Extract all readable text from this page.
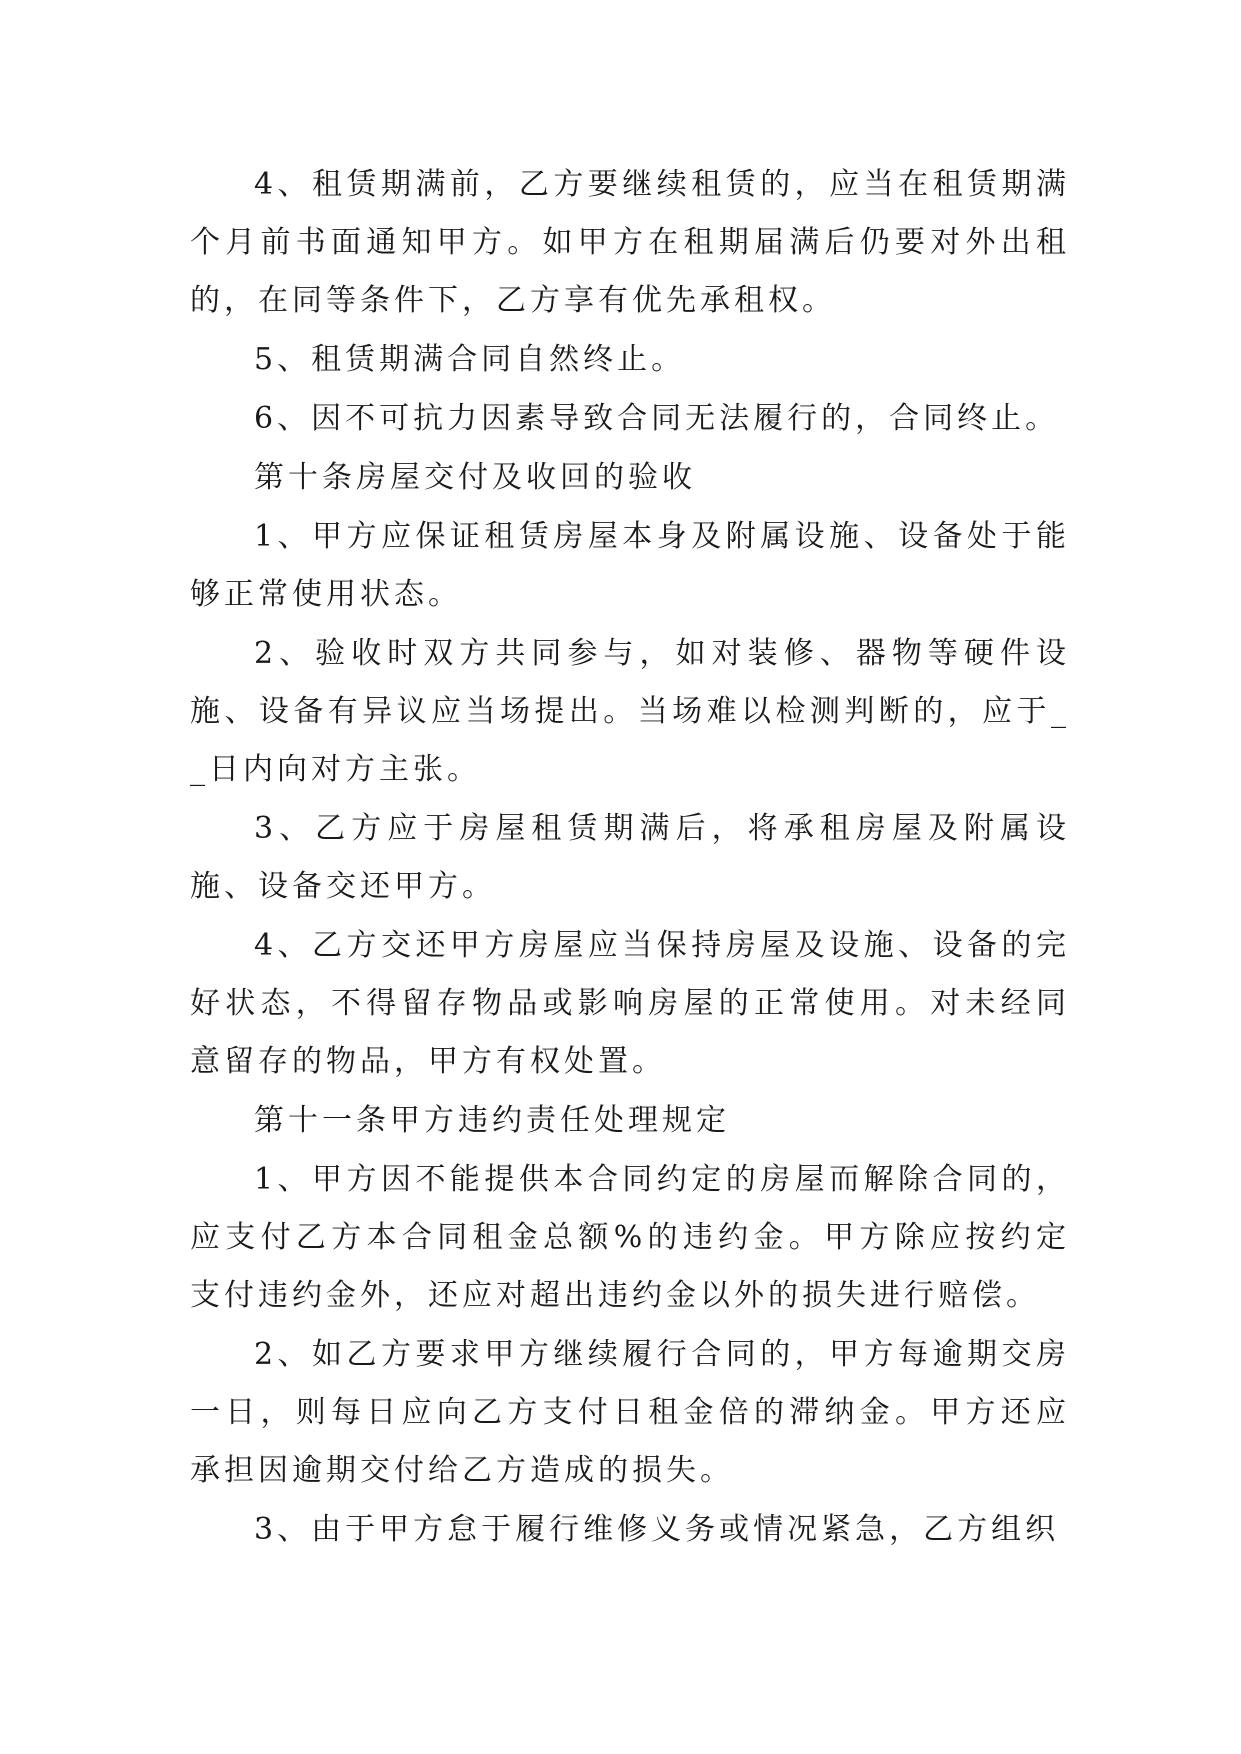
4、租赁期满前，乙方要继续租赁的，应当在租赁期满个月前书面通知甲方。如甲方在租期届满后仍要对外出租的，在同等条件下，乙方享有优先承租权。

5、租赁期满合同自然终止。

6、因不可抗力因素导致合同无法履行的，合同终止。

第十条房屋交付及收回的验收

1、甲方应保证租赁房屋本身及附属设施、设备处于能够正常使用状态。

2、验收时双方共同参与，如对装修、器物等硬件设施、设备有异议应当场提出。当场难以检测判断的，应于__日内向对方主张。

3、乙方应于房屋租赁期满后，将承租房屋及附属设施、设备交还甲方。

4、乙方交还甲方房屋应当保持房屋及设施、设备的完好状态，不得留存物品或影响房屋的正常使用。对未经同意留存的物品，甲方有权处置。

第十一条甲方违约责任处理规定

1、甲方因不能提供本合同约定的房屋而解除合同的，应支付乙方本合同租金总额%的违约金。甲方除应按约定支付违约金外，还应对超出违约金以外的损失进行赔偿。

2、如乙方要求甲方继续履行合同的，甲方每逾期交房一日，则每日应向乙方支付日租金倍的滞纳金。甲方还应承担因逾期交付给乙方造成的损失。

3、由于甲方怠于履行维修义务或情况紧急，乙方组织
